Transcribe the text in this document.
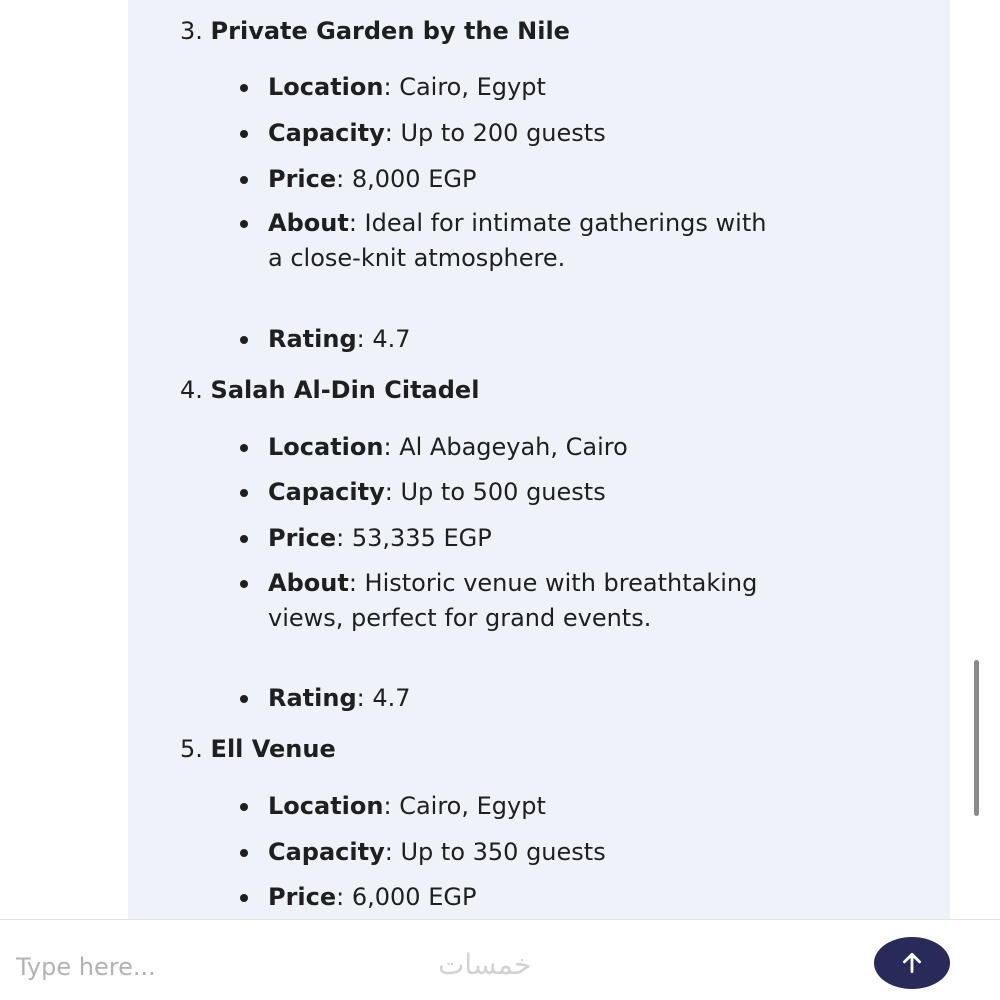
3. Private Garden by the Nile
Location: Cairo, Egypt
Capacity: Up to 200 guests
Price: 8,000 EGP
About: Ideal for intimate gatherings with a close-knit atmosphere.
Rating: 4.7
4. Salah Al-Din Citadel
Location: Al Abageyah, Cairo
Capacity: Up to 500 guests
Price: 53,335 EGP
About: Historic venue with breathtaking views, perfect for grand events.
Rating: 4.7
5. Ell Venue
Location: Cairo, Egypt
Capacity: Up to 350 guests
Price: 6,000 EGP
Type here...
خمسات
